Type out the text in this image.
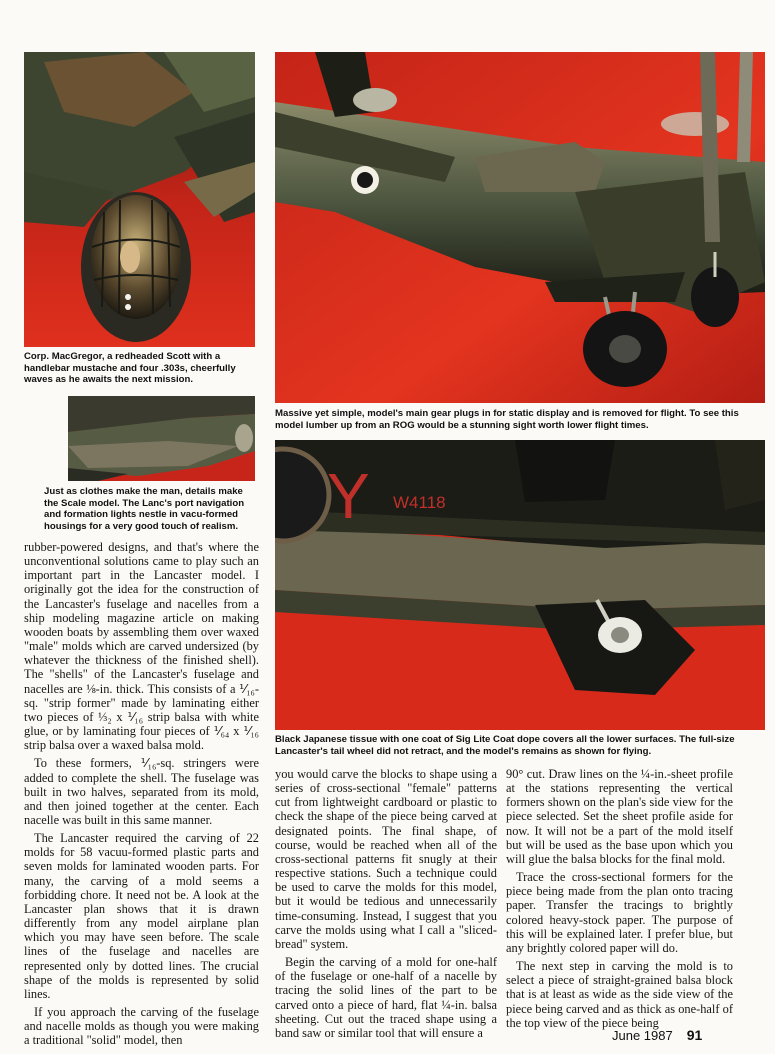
Corp. MacGregor, a redheaded Scott with a handlebar mustache and four .303s, cheerfully waves as he awaits the next mission.
Just as clothes make the man, details make the Scale model. The Lanc's port navigation and formation lights nestle in vacu-formed housings for a very good touch of realism.
Massive yet simple, model's main gear plugs in for static display and is removed for flight. To see this model lumber up from an ROG would be a stunning sight worth lower flight times.
Y W4118
Black Japanese tissue with one coat of Sig Lite Coat dope covers all the lower surfaces. The full-size Lancaster's tail wheel did not retract, and the model's remains as shown for flying.

rubber-powered designs, and that's where the unconventional solutions came to play such an important part in the Lancaster model. I originally got the idea for the construction of the Lancaster's fuselage and nacelles from a ship modeling magazine article on making wooden boats by assembling them over waxed "male" molds which are carved undersized (by whatever the thickness of the finished shell). The "shells" of the Lancaster's fuselage and nacelles are ⅛-in. thick. This consists of a ⅟₁₆-sq. "strip former" made by laminating either two pieces of ⅓₂ x ⅟₁₆ strip balsa with white glue, or by laminating four pieces of ⅟₆₄ x ⅟₁₆ strip balsa over a waxed balsa mold.

To these formers, ⅟₁₆-sq. stringers were added to complete the shell. The fuselage was built in two halves, separated from its mold, and then joined together at the center. Each nacelle was built in this same manner.

The Lancaster required the carving of 22 molds for 58 vacuu-formed plastic parts and seven molds for laminated wooden parts. For many, the carving of a mold seems a forbidding chore. It need not be. A look at the Lancaster plan shows that it is drawn differently from any model airplane plan which you may have seen before. The scale lines of the fuselage and nacelles are represented only by dotted lines. The crucial shape of the molds is represented by solid lines.

If you approach the carving of the fuselage and nacelle molds as though you were making a traditional "solid" model, then

you would carve the blocks to shape using a series of cross-sectional "female" patterns cut from lightweight cardboard or plastic to check the shape of the piece being carved at designated points. The final shape, of course, would be reached when all of the cross-sectional patterns fit snugly at their respective stations. Such a technique could be used to carve the molds for this model, but it would be tedious and unnecessarily time-consuming. Instead, I suggest that you carve the molds using what I call a "sliced-bread" system.

Begin the carving of a mold for one-half of the fuselage or one-half of a nacelle by tracing the solid lines of the part to be carved onto a piece of hard, flat ¼-in. balsa sheeting. Cut out the traced shape using a band saw or similar tool that will ensure a

90° cut. Draw lines on the ¼-in.-sheet profile at the stations representing the vertical formers shown on the plan's side view for the piece selected. Set the sheet profile aside for now. It will not be a part of the mold itself but will be used as the base upon which you will glue the balsa blocks for the final mold.

Trace the cross-sectional formers for the piece being made from the plan onto tracing paper. Transfer the tracings to brightly colored heavy-stock paper. The purpose of this will be explained later. I prefer blue, but any brightly colored paper will do.

The next step in carving the mold is to select a piece of straight-grained balsa block that is at least as wide as the side view of the piece being carved and as thick as one-half of the top view of the piece being

June 1987 91
